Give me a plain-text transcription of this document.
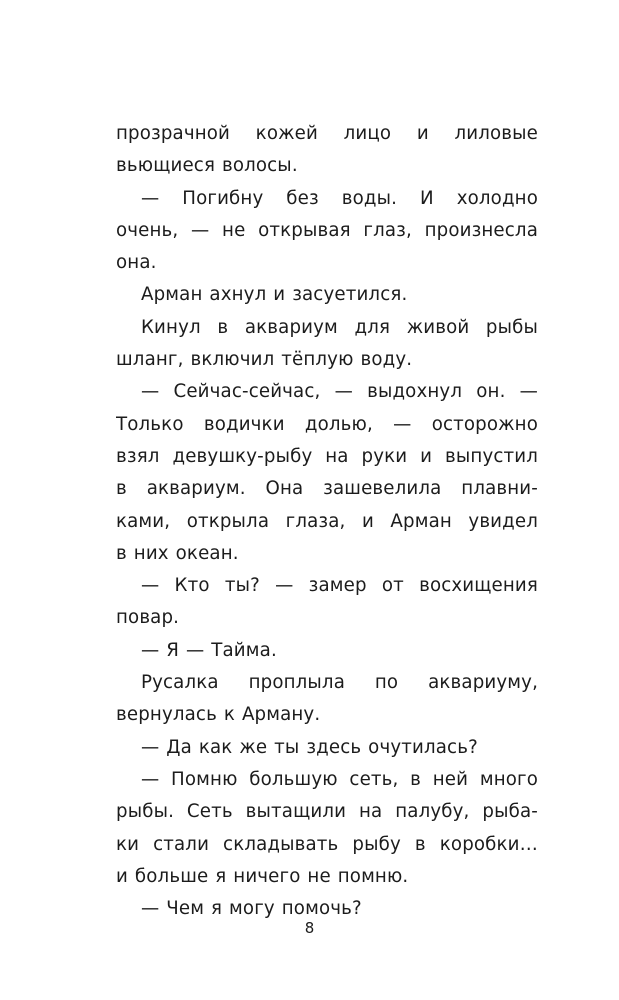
прозрачной кожей лицо и лиловые
вьющиеся волосы.
— Погибну без воды. И холодно
очень, — не открывая глаз, произнесла
она.
Арман ахнул и засуетился.
Кинул в аквариум для живой рыбы
шланг, включил тёплую воду.
— Сейчас-сейчас, — выдохнул он. —
Только водички долью, — осторожно
взял девушку-рыбу на руки и выпустил
в аквариум. Она зашевелила плавни-
ками, открыла глаза, и Арман увидел
в них океан.
— Кто ты? — замер от восхищения
повар.
— Я — Тайма.
Русалка проплыла по аквариуму,
вернулась к Арману.
— Да как же ты здесь очутилась?
— Помню большую сеть, в ней много
рыбы. Сеть вытащили на палубу, рыба-
ки стали складывать рыбу в коробки…
и больше я ничего не помню.
— Чем я могу помочь?
8
